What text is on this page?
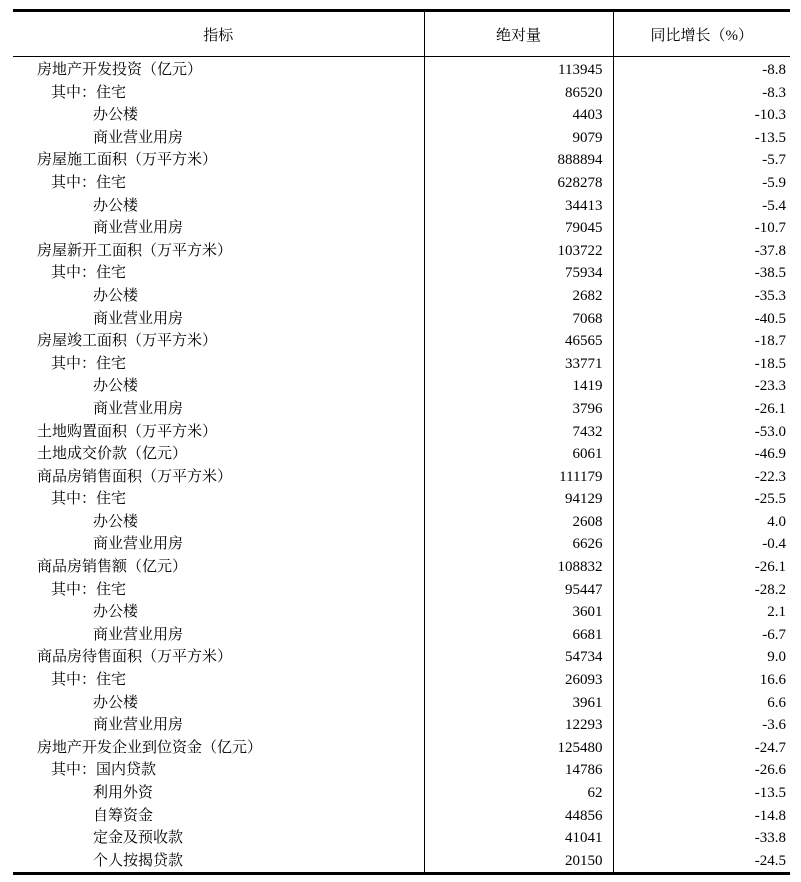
指标	绝对量	同比增长（%）
房地产开发投资（亿元）	113945	-8.8
其中：住宅	86520	-8.3
办公楼	4403	-10.3
商业营业用房	9079	-13.5
房屋施工面积（万平方米）	888894	-5.7
其中：住宅	628278	-5.9
办公楼	34413	-5.4
商业营业用房	79045	-10.7
房屋新开工面积（万平方米）	103722	-37.8
其中：住宅	75934	-38.5
办公楼	2682	-35.3
商业营业用房	7068	-40.5
房屋竣工面积（万平方米）	46565	-18.7
其中：住宅	33771	-18.5
办公楼	1419	-23.3
商业营业用房	3796	-26.1
土地购置面积（万平方米）	7432	-53.0
土地成交价款（亿元）	6061	-46.9
商品房销售面积（万平方米）	111179	-22.3
其中：住宅	94129	-25.5
办公楼	2608	4.0
商业营业用房	6626	-0.4
商品房销售额（亿元）	108832	-26.1
其中：住宅	95447	-28.2
办公楼	3601	2.1
商业营业用房	6681	-6.7
商品房待售面积（万平方米）	54734	9.0
其中：住宅	26093	16.6
办公楼	3961	6.6
商业营业用房	12293	-3.6
房地产开发企业到位资金（亿元）	125480	-24.7
其中：国内贷款	14786	-26.6
利用外资	62	-13.5
自筹资金	44856	-14.8
定金及预收款	41041	-33.8
个人按揭贷款	20150	-24.5
